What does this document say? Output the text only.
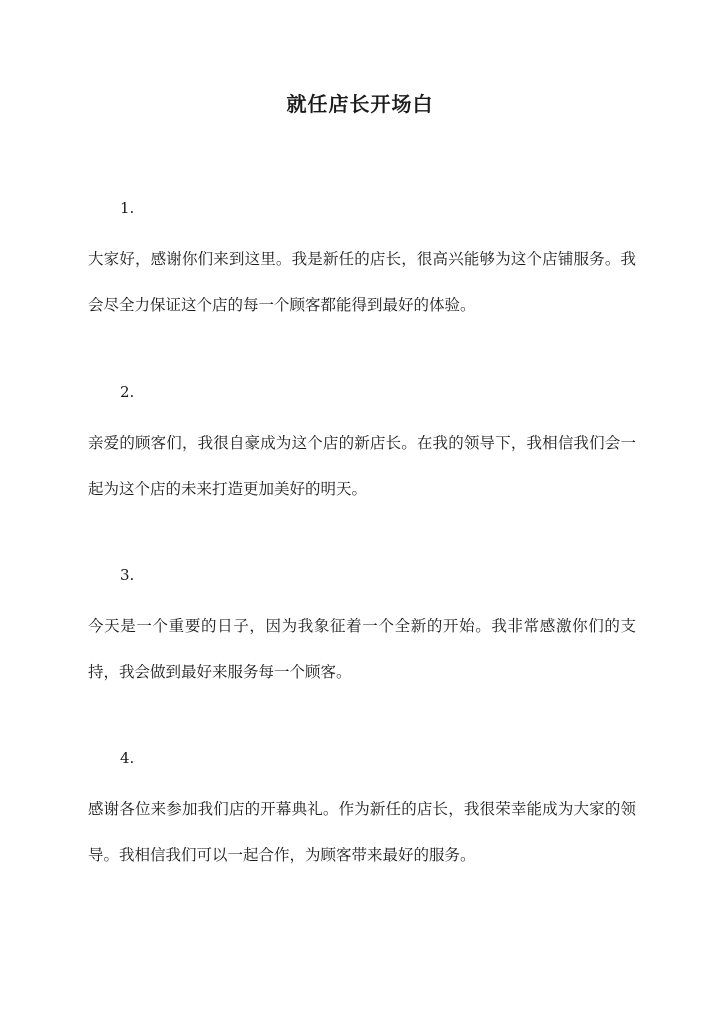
就任店长开场白

1.

大家好，感谢你们来到这里。我是新任的店长，很高兴能够为这个店铺服务。我会尽全力保证这个店的每一个顾客都能得到最好的体验。

2.

亲爱的顾客们，我很自豪成为这个店的新店长。在我的领导下，我相信我们会一起为这个店的未来打造更加美好的明天。

3.

今天是一个重要的日子，因为我象征着一个全新的开始。我非常感激你们的支持，我会做到最好来服务每一个顾客。

4.

感谢各位来参加我们店的开幕典礼。作为新任的店长，我很荣幸能成为大家的领导。我相信我们可以一起合作，为顾客带来最好的服务。
